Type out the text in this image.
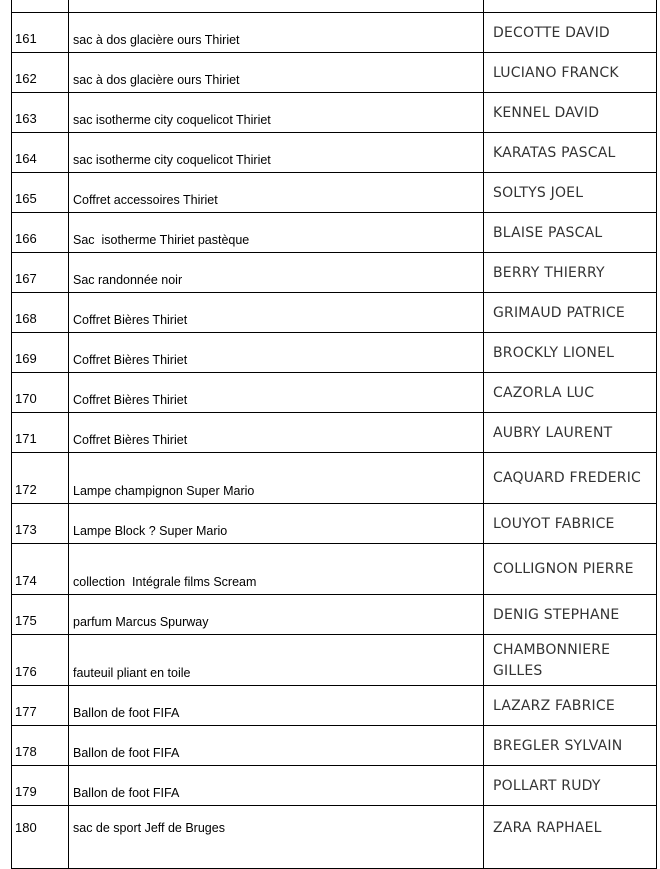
161	sac à dos glacière ours Thiriet	DECOTTE DAVID
162	sac à dos glacière ours Thiriet	LUCIANO FRANCK
163	sac isotherme city coquelicot Thiriet	KENNEL DAVID
164	sac isotherme city coquelicot Thiriet	KARATAS PASCAL
165	Coffret accessoires Thiriet	SOLTYS JOEL
166	Sac  isotherme Thiriet pastèque	BLAISE PASCAL
167	Sac randonnée noir	BERRY THIERRY
168	Coffret Bières Thiriet	GRIMAUD PATRICE
169	Coffret Bières Thiriet	BROCKLY LIONEL
170	Coffret Bières Thiriet	CAZORLA LUC
171	Coffret Bières Thiriet	AUBRY LAURENT
172	Lampe champignon Super Mario	CAQUARD FREDERIC
173	Lampe Block ? Super Mario	LOUYOT FABRICE
174	collection  Intégrale films Scream	COLLIGNON PIERRE
175	parfum Marcus Spurway	DENIG STEPHANE
176	fauteuil pliant en toile	CHAMBONNIERE GILLES
177	Ballon de foot FIFA	LAZARZ FABRICE
178	Ballon de foot FIFA	BREGLER SYLVAIN
179	Ballon de foot FIFA	POLLART RUDY
180	sac de sport Jeff de Bruges	ZARA RAPHAEL
